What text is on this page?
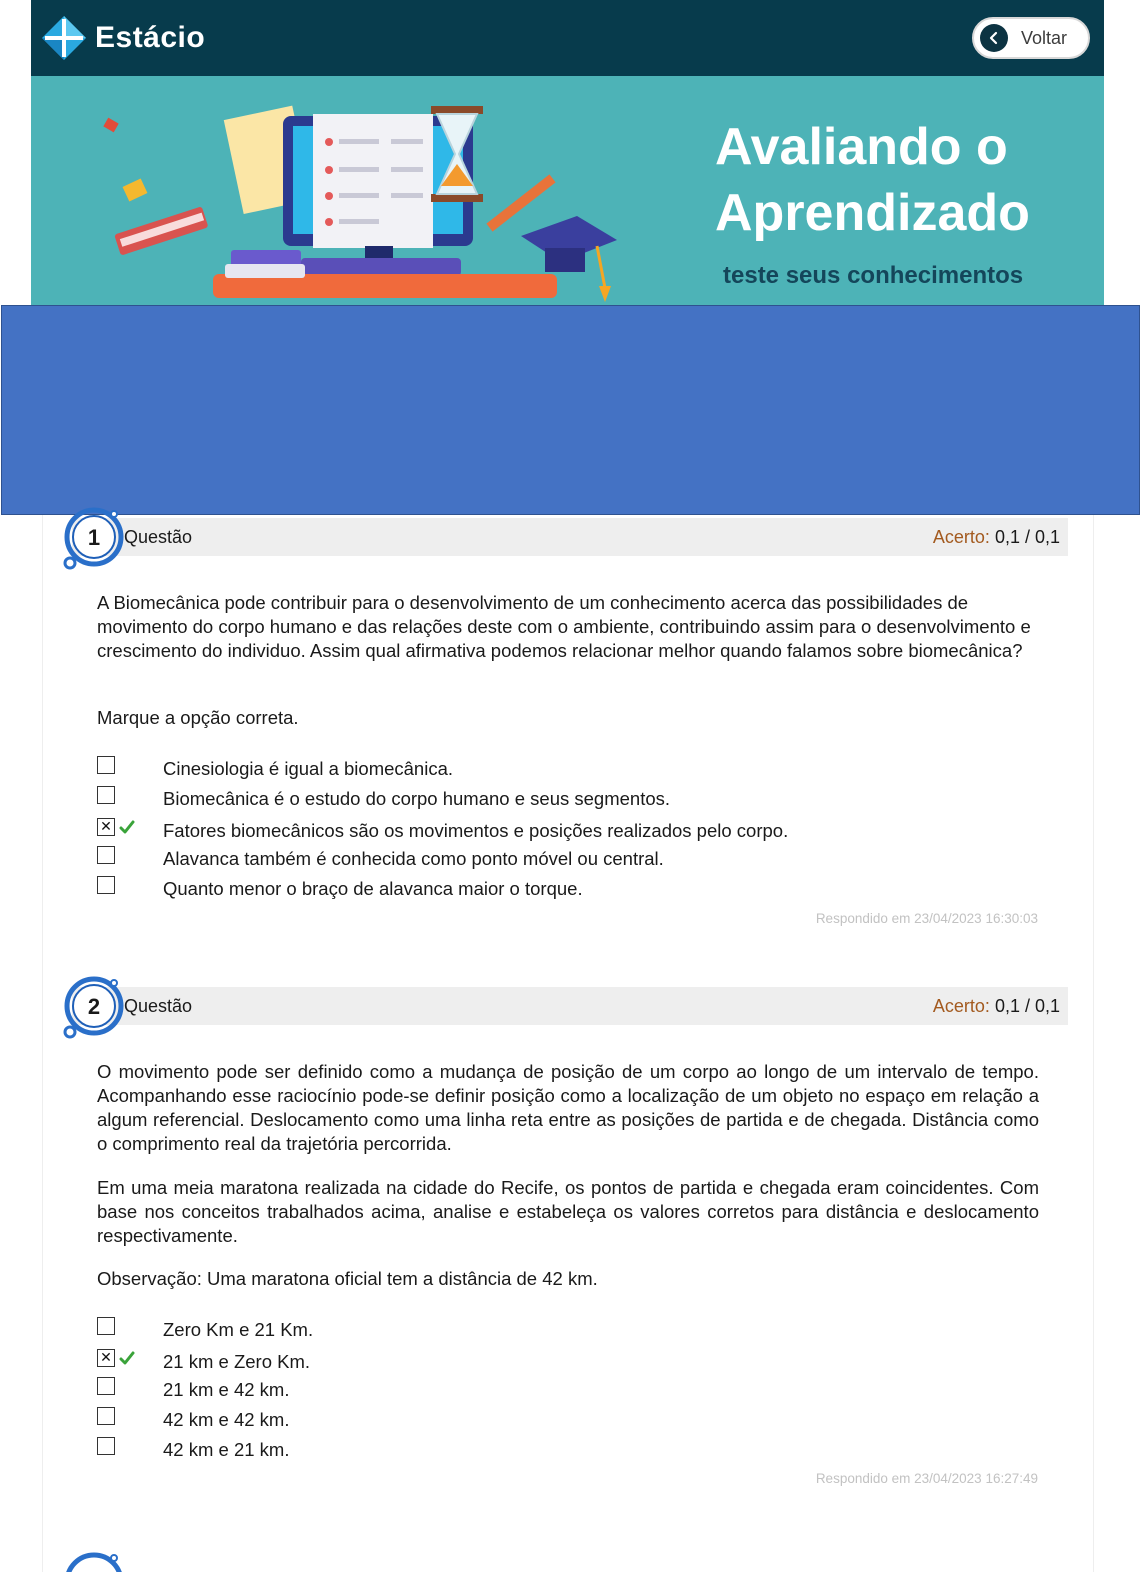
Estácio	Voltar
Avaliando o
Aprendizado
teste seus conhecimentos
1 Questão	Acerto: 0,1 / 0,1

A Biomecânica pode contribuir para o desenvolvimento de um conhecimento acerca das possibilidades de movimento do corpo humano e das relações deste com o ambiente, contribuindo assim para o desenvolvimento e crescimento do individuo. Assim qual afirmativa podemos relacionar melhor quando falamos sobre biomecânica?

Marque a opção correta.

Cinesiologia é igual a biomecânica.
Biomecânica é o estudo do corpo humano e seus segmentos.
✕	Fatores biomecânicos são os movimentos e posições realizados pelo corpo.
Alavanca também é conhecida como ponto móvel ou central.
Quanto menor o braço de alavanca maior o torque.
Respondido em 23/04/2023 16:30:03
2 Questão	Acerto: 0,1 / 0,1

O movimento pode ser definido como a mudança de posição de um corpo ao longo de um intervalo de tempo. Acompanhando esse raciocínio pode-se definir posição como a localização de um objeto no espaço em relação a algum referencial. Deslocamento como uma linha reta entre as posições de partida e de chegada. Distância como o comprimento real da trajetória percorrida.

Em uma meia maratona realizada na cidade do Recife, os pontos de partida e chegada eram coincidentes. Com base nos conceitos trabalhados acima, analise e estabeleça os valores corretos para distância e deslocamento respectivamente.

Observação: Uma maratona oficial tem a distância de 42 km.

Zero Km e 21 Km.
✕	21 km e Zero Km.
21 km e 42 km.
42 km e 42 km.
42 km e 21 km.
Respondido em 23/04/2023 16:27:49
